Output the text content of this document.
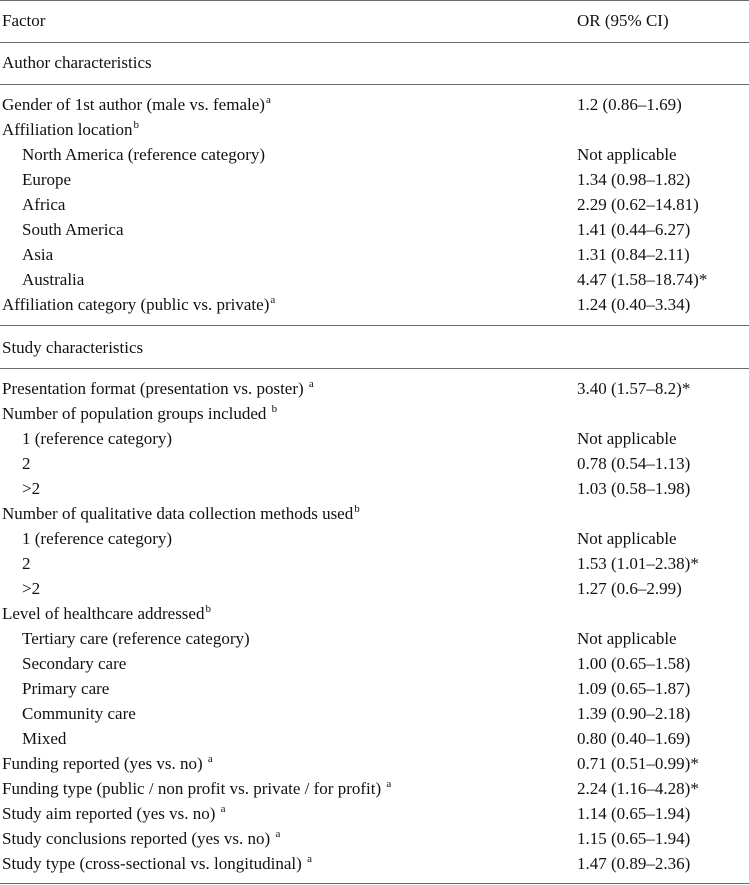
Factor	OR (95% CI)
Author characteristics
Gender of 1st author (male vs. female)$^a$	1.2 (0.86–1.69)
Affiliation location$^b$
North America (reference category)	Not applicable
Europe	1.34 (0.98–1.82)
Africa	2.29 (0.62–14.81)
South America	1.41 (0.44–6.27)
Asia	1.31 (0.84–2.11)
Australia	4.47 (1.58–18.74)*
Affiliation category (public vs. private)$^a$	1.24 (0.40–3.34)
Study characteristics
Presentation format (presentation vs. poster) $^a$	3.40 (1.57–8.2)*
Number of population groups included $^b$
1 (reference category)	Not applicable
2	0.78 (0.54–1.13)
>2	1.03 (0.58–1.98)
Number of qualitative data collection methods used$^b$
1 (reference category)	Not applicable
2	1.53 (1.01–2.38)*
>2	1.27 (0.6–2.99)
Level of healthcare addressed$^b$
Tertiary care (reference category)	Not applicable
Secondary care	1.00 (0.65–1.58)
Primary care	1.09 (0.65–1.87)
Community care	1.39 (0.90–2.18)
Mixed	0.80 (0.40–1.69)
Funding reported (yes vs. no) $^a$	0.71 (0.51–0.99)*
Funding type (public / non profit vs. private / for profit) $^a$	2.24 (1.16–4.28)*
Study aim reported (yes vs. no) $^a$	1.14 (0.65–1.94)
Study conclusions reported (yes vs. no) $^a$	1.15 (0.65–1.94)
Study type (cross-sectional vs. longitudinal) $^a$	1.47 (0.89–2.36)
